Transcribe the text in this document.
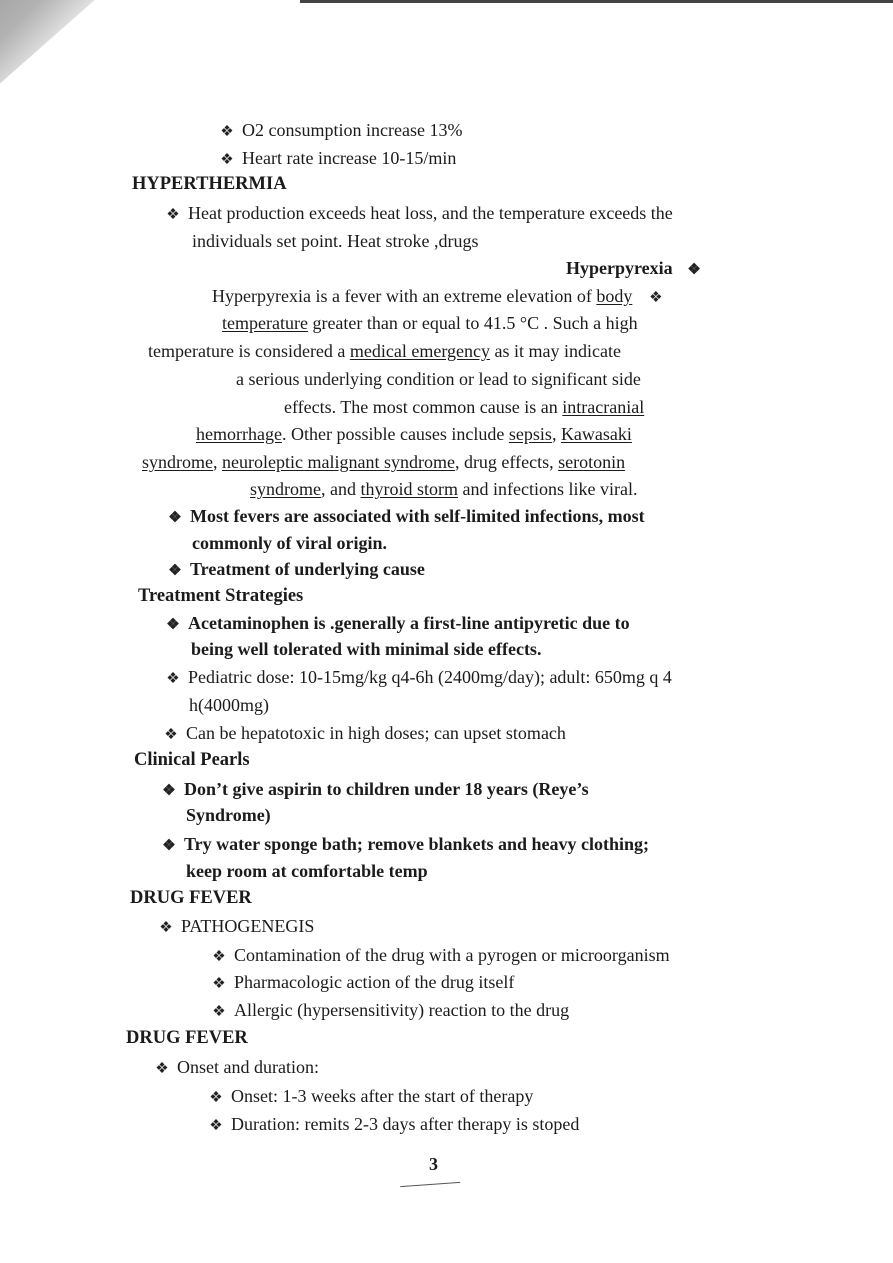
❖ O2 consumption increase 13%
❖ Heart rate increase 10-15/min
HYPERTHERMIA
❖ Heat production exceeds heat loss, and the temperature exceeds the
individuals set point. Heat stroke ,drugs
Hyperpyrexia ❖
Hyperpyrexia is a fever with an extreme elevation of body ❖
temperature greater than or equal to 41.5 °C . Such a high
temperature is considered a medical emergency as it may indicate
a serious underlying condition or lead to significant side
effects. The most common cause is an intracranial
hemorrhage. Other possible causes include sepsis, Kawasaki
syndrome, neuroleptic malignant syndrome, drug effects, serotonin
syndrome, and thyroid storm and infections like viral.
❖ Most fevers are associated with self-limited infections, most
commonly of viral origin.
❖ Treatment of underlying cause
Treatment Strategies
❖ Acetaminophen is .generally a first-line antipyretic due to
being well tolerated with minimal side effects.
❖ Pediatric dose: 10-15mg/kg q4-6h (2400mg/day); adult: 650mg q 4
h(4000mg)
❖ Can be hepatotoxic in high doses; can upset stomach
Clinical Pearls
❖ Don’t give aspirin to children under 18 years (Reye’s
Syndrome)
❖ Try water sponge bath; remove blankets and heavy clothing;
keep room at comfortable temp
DRUG FEVER
❖ PATHOGENEGIS
❖ Contamination of the drug with a pyrogen or microorganism
❖ Pharmacologic action of the drug itself
❖ Allergic (hypersensitivity) reaction to the drug
DRUG FEVER
❖ Onset and duration:
❖ Onset: 1-3 weeks after the start of therapy
❖ Duration: remits 2-3 days after therapy is stoped
3
